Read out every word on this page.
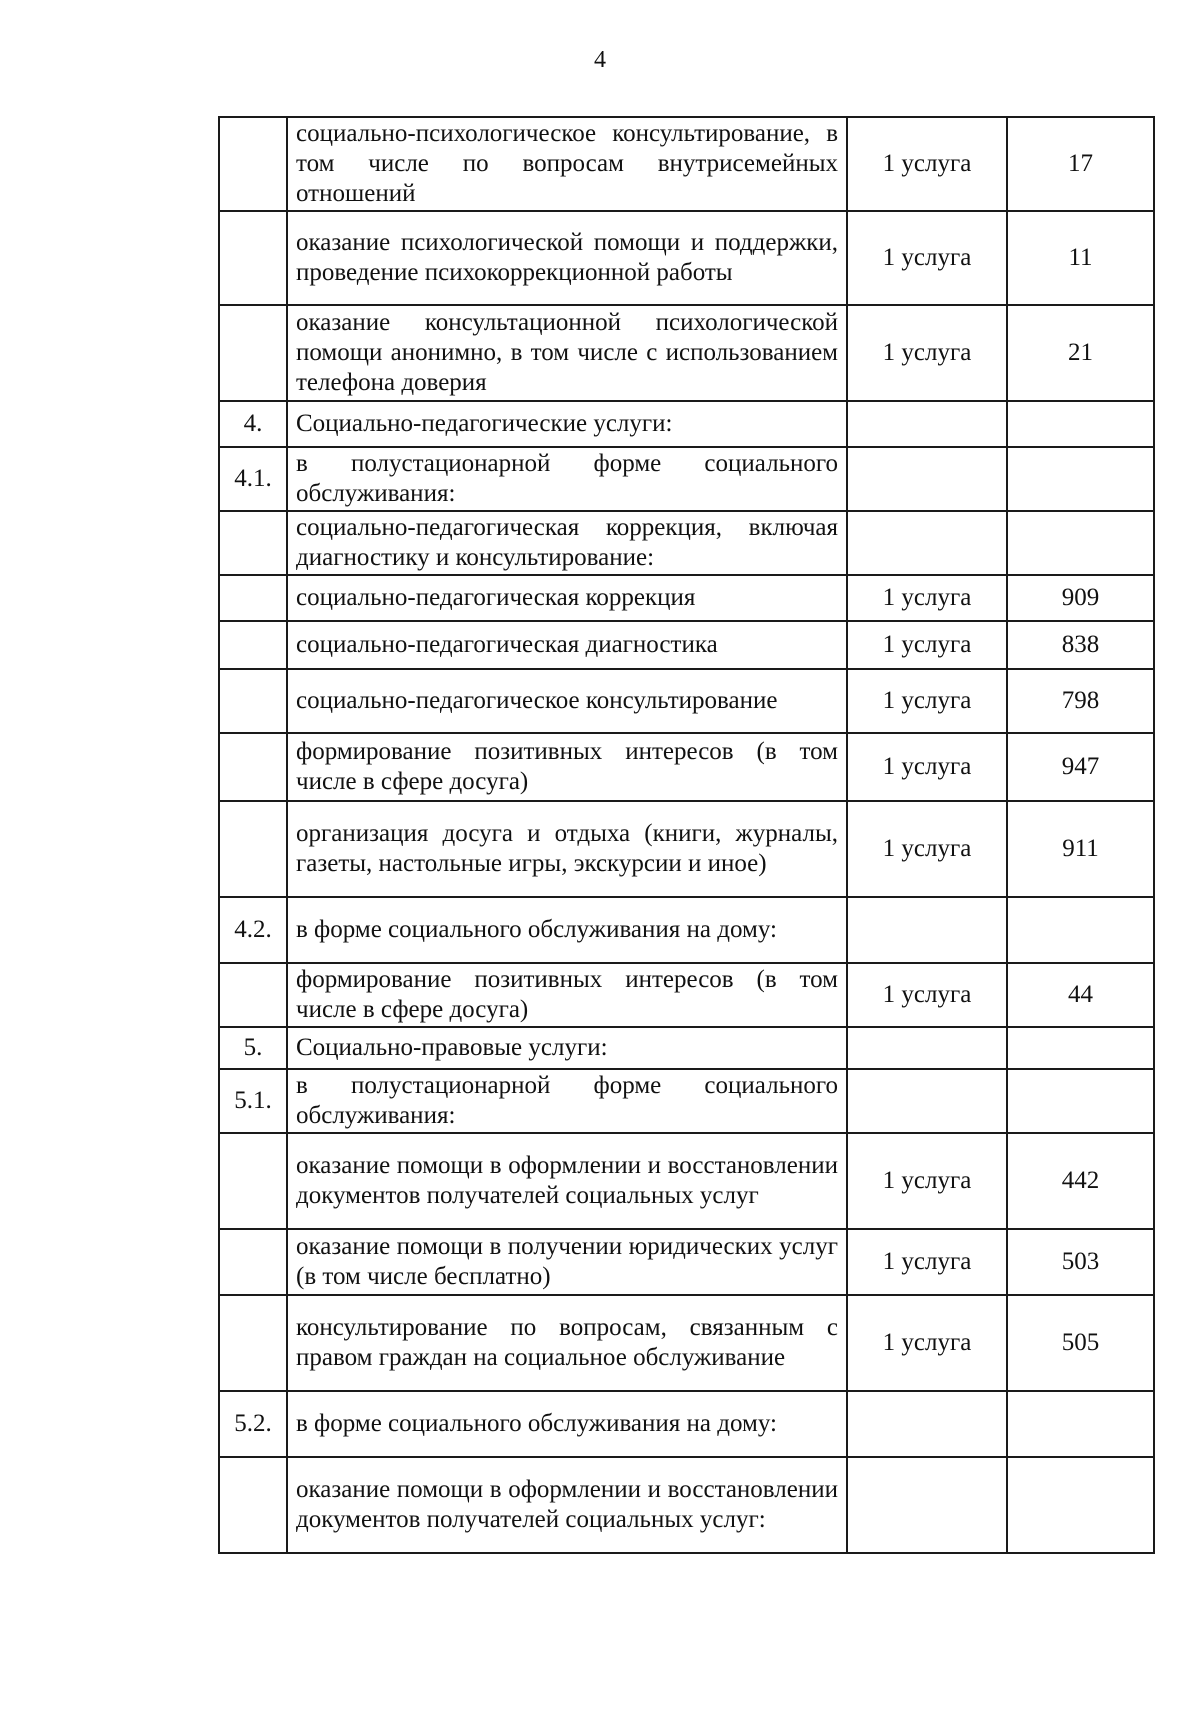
4
	социально-психологическое консультирование, в том числе по вопросам внутрисемейных отношений	1 услуга	17
	оказание психологической помощи и поддержки, проведение психокоррекционной работы	1 услуга	11
	оказание консультационной психологической помощи анонимно, в том числе с использованием телефона доверия	1 услуга	21
4.	Социально-педагогические услуги:		
4.1.	в полустационарной форме социального обслуживания:		
	социально-педагогическая коррекция, включая диагностику и консультирование:		
	социально-педагогическая коррекция	1 услуга	909
	социально-педагогическая диагностика	1 услуга	838
	социально-педагогическое консультирование	1 услуга	798
	формирование позитивных интересов (в том числе в сфере досуга)	1 услуга	947
	организация досуга и отдыха (книги, журналы, газеты, настольные игры, экскурсии и иное)	1 услуга	911
4.2.	в форме социального обслуживания на дому:		
	формирование позитивных интересов (в том числе в сфере досуга)	1 услуга	44
5.	Социально-правовые услуги:		
5.1.	в полустационарной форме социального обслуживания:		
	оказание помощи в оформлении и восстановлении документов получателей социальных услуг	1 услуга	442
	оказание помощи в получении юридических услуг (в том числе бесплатно)	1 услуга	503
	консультирование по вопросам, связанным с правом граждан на социальное обслуживание	1 услуга	505
5.2.	в форме социального обслуживания на дому:		
	оказание помощи в оформлении и восстановлении документов получателей социальных услуг:		
